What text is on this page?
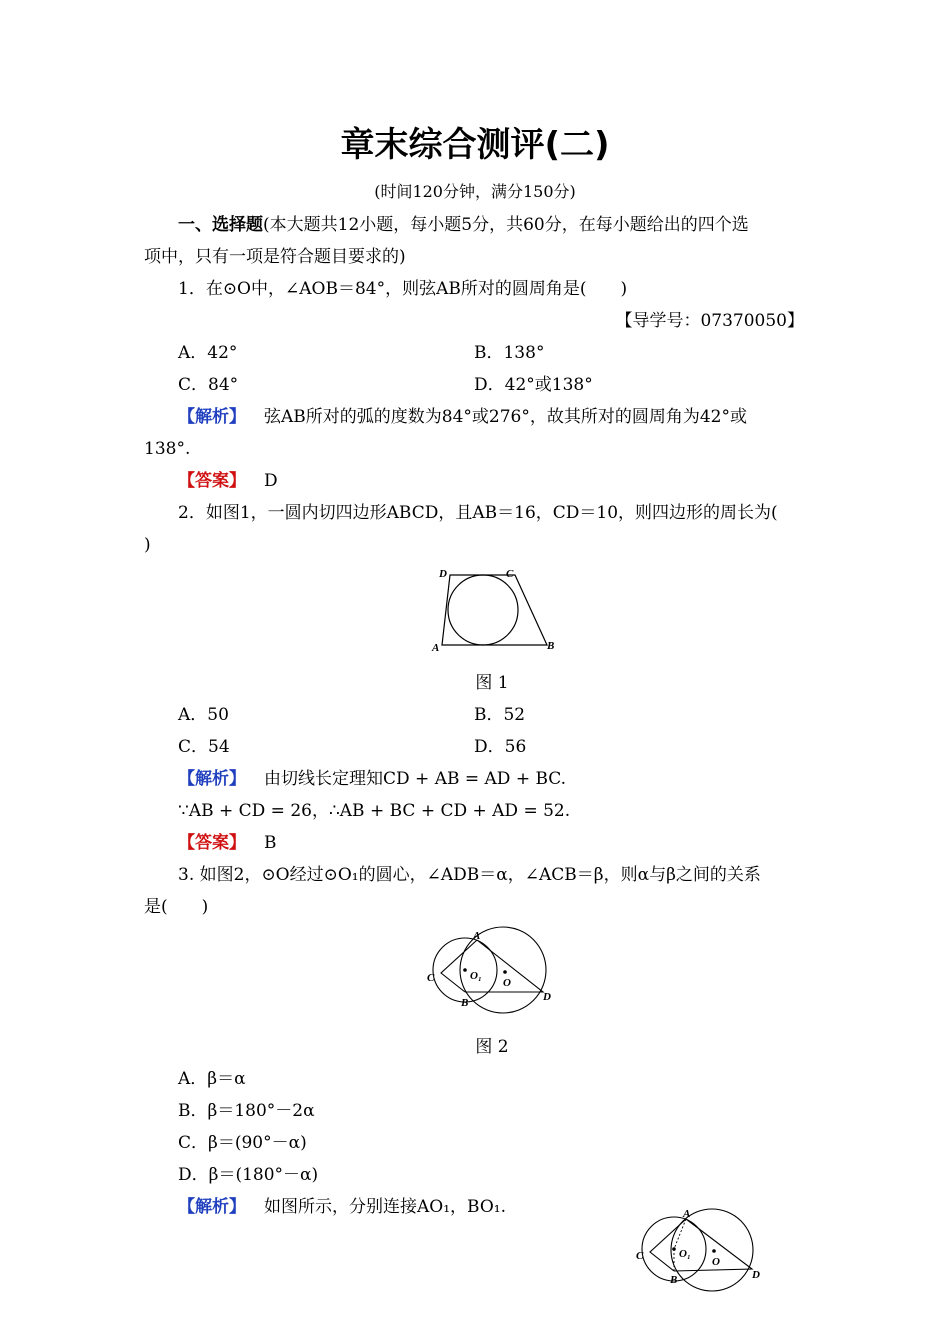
章末综合测评(二)
(时间120分钟，满分150分)
一、选择题(本大题共12小题，每小题5分，共60分，在每小题给出的四个选
项中，只有一项是符合题目要求的)
1．在⊙O中，∠AOB＝84°，则弦AB所对的圆周角是(　　)
【导学号：07370050】
A．42°	B．138°
C．84°	D．42°或138°
【解析】 弦AB所对的弧的度数为84°或276°，故其所对的圆周角为42°或
138°.
【答案】 D
2．如图1，一圆内切四边形ABCD，且AB＝16，CD＝10，则四边形的周长为(
)
D	C
A	B
图 1
A．50	B．52
C．54	D．56
【解析】 由切线长定理知CD + AB = AD + BC.
∵AB + CD = 26，∴AB + BC + CD + AD = 52.
【答案】 B
3. 如图2，⊙O经过⊙O₁的圆心，∠ADB＝α，∠ACB＝β，则α与β之间的关系
是(　　)
A
C
B	D
O₁
O
图 2
A．β＝α
B．β＝180°－2α
C．β＝(90°－α)
D．β＝(180°－α)
【解析】 如图所示，分别连接AO₁，BO₁.	A
C
B	D
O₁
O
